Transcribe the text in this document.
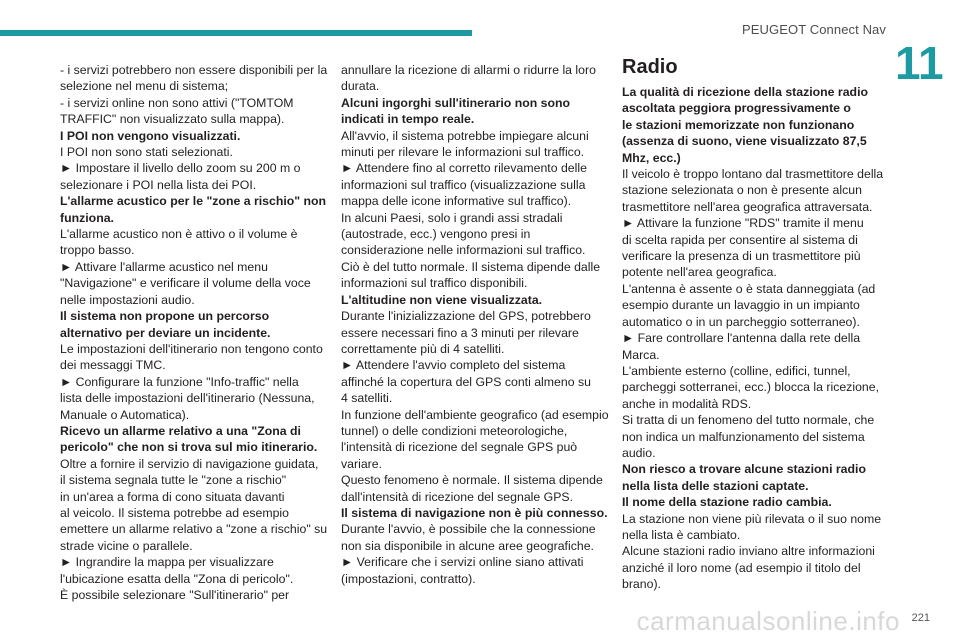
PEUGEOT Connect Nav
11

- i servizi potrebbero non essere disponibili per la

selezione nel menu di sistema;

- i servizi online non sono attivi ("TOMTOM

TRAFFIC" non visualizzato sulla mappa).

I POI non vengono visualizzati.

I POI non sono stati selezionati.

► Impostare il livello dello zoom su 200 m o

selezionare i POI nella lista dei POI.

L'allarme acustico per le "zone a rischio" non

funziona.

L'allarme acustico non è attivo o il volume è

troppo basso.

► Attivare l'allarme acustico nel menu

"Navigazione" e verificare il volume della voce

nelle impostazioni audio.

Il sistema non propone un percorso

alternativo per deviare un incidente.

Le impostazioni dell'itinerario non tengono conto

dei messaggi TMC.

► Configurare la funzione "Info-traffic" nella

lista delle impostazioni dell'itinerario (Nessuna,

Manuale o Automatica).

Ricevo un allarme relativo a una "Zona di

pericolo" che non si trova sul mio itinerario.

Oltre a fornire il servizio di navigazione guidata,

il sistema segnala tutte le "zone a rischio"

in un'area a forma di cono situata davanti

al veicolo. Il sistema potrebbe ad esempio

emettere un allarme relativo a "zone a rischio" su

strade vicine o parallele.

► Ingrandire la mappa per visualizzare

l'ubicazione esatta della "Zona di pericolo".

È possibile selezionare "Sull'itinerario" per

annullare la ricezione di allarmi o ridurre la loro

durata.

Alcuni ingorghi sull'itinerario non sono

indicati in tempo reale.

All'avvio, il sistema potrebbe impiegare alcuni

minuti per rilevare le informazioni sul traffico.

► Attendere fino al corretto rilevamento delle

informazioni sul traffico (visualizzazione sulla

mappa delle icone informative sul traffico).

In alcuni Paesi, solo i grandi assi stradali

(autostrade, ecc.) vengono presi in

considerazione nelle informazioni sul traffico.

Ciò è del tutto normale. Il sistema dipende dalle

informazioni sul traffico disponibili.

L'altitudine non viene visualizzata.

Durante l'inizializzazione del GPS, potrebbero

essere necessari fino a 3 minuti per rilevare

correttamente più di 4 satelliti.

► Attendere l'avvio completo del sistema

affinché la copertura del GPS conti almeno su

4 satelliti.

In funzione dell'ambiente geografico (ad esempio

tunnel) o delle condizioni meteorologiche,

l'intensità di ricezione del segnale GPS può

variare.

Questo fenomeno è normale. Il sistema dipende

dall'intensità di ricezione del segnale GPS.

Il sistema di navigazione non è più connesso.

Durante l'avvio, è possibile che la connessione

non sia disponibile in alcune aree geografiche.

► Verificare che i servizi online siano attivati

(impostazioni, contratto).

Radio

La qualità di ricezione della stazione radio

ascoltata peggiora progressivamente o

le stazioni memorizzate non funzionano

(assenza di suono, viene visualizzato 87,5

Mhz, ecc.)

Il veicolo è troppo lontano dal trasmettitore della

stazione selezionata o non è presente alcun

trasmettitore nell'area geografica attraversata.

► Attivare la funzione "RDS" tramite il menu

di scelta rapida per consentire al sistema di

verificare la presenza di un trasmettitore più

potente nell'area geografica.

L'antenna è assente o è stata danneggiata (ad

esempio durante un lavaggio in un impianto

automatico o in un parcheggio sotterraneo).

► Fare controllare l'antenna dalla rete della

Marca.

L'ambiente esterno (colline, edifici, tunnel,

parcheggi sotterranei, ecc.) blocca la ricezione,

anche in modalità RDS.

Si tratta di un fenomeno del tutto normale, che

non indica un malfunzionamento del sistema

audio.

Non riesco a trovare alcune stazioni radio

nella lista delle stazioni captate.

Il nome della stazione radio cambia.

La stazione non viene più rilevata o il suo nome

nella lista è cambiato.

Alcune stazioni radio inviano altre informazioni

anziché il loro nome (ad esempio il titolo del

brano).

carmanualsonline.info 221
